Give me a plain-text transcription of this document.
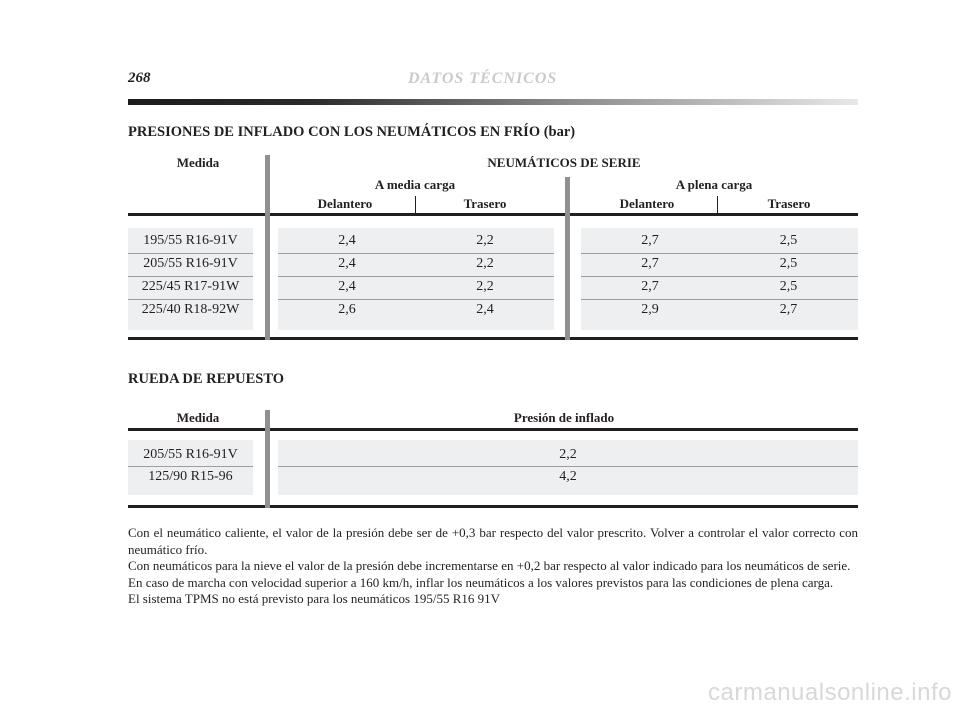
268	DATOS TÉCNICOS
PRESIONES DE INFLADO CON LOS NEUMÁTICOS EN FRÍO (bar)
Medida	NEUMÁTICOS DE SERIE
A media carga	A plena carga
Delantero	Trasero	Delantero	Trasero
195/55 R16-91V	2,4	2,2	2,7	2,5
205/55 R16-91V	2,4	2,2	2,7	2,5
225/45 R17-91W	2,4	2,2	2,7	2,5
225/40 R18-92W	2,6	2,4	2,9	2,7
RUEDA DE REPUESTO
Medida	Presión de inflado
205/55 R16-91V	2,2
125/90 R15-96	4,2

Con el neumático caliente, el valor de la presión debe ser de +0,3 bar respecto del valor prescrito. Volver a controlar el valor correcto con neumático frío.

Con neumáticos para la nieve el valor de la presión debe incrementarse en +0,2 bar respecto al valor indicado para los neumáticos de serie.

En caso de marcha con velocidad superior a 160 km/h, inflar los neumáticos a los valores previstos para las condiciones de plena carga.

El sistema TPMS no está previsto para los neumáticos 195/55 R16 91V

carmanualsonline.info
